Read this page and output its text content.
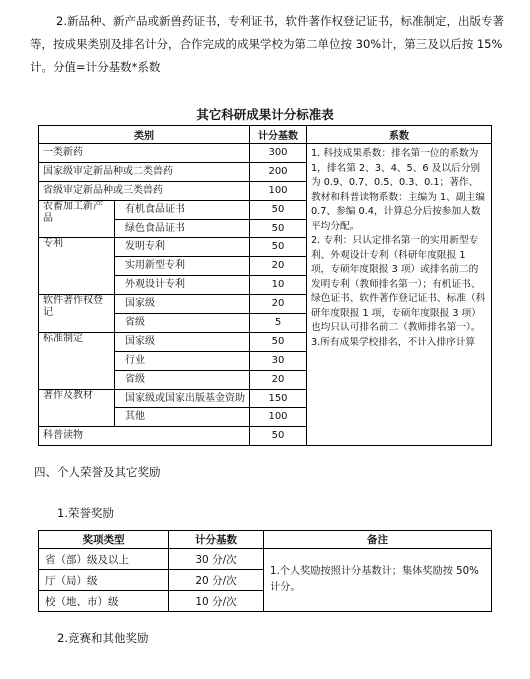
2.新品种、新产品或新兽药证书，专利证书，软件著作权登记证书，标准制定，出版专著
等，按成果类别及排名计分，合作完成的成果学校为第二单位按 30%计，第三及以后按 15%
计。分值=计分基数*系数
其它科研成果计分标准表
类别		计分基数	系数
一类新药		300	1. 科技成果系数：排名第一位的系数为 1，排名第 2、3、4、5、6 及以后分别为 0.9、0.7、0.5、0.3、0.1；著作、教材和科普读物系数：主编为 1、副主编 0.7、参编 0.4，计算总分后按参加人数平均分配。

2. 专利：只认定排名第一的实用新型专利、外观设计专利（科研年度限报 1 项，专硕年度限报 3 项）或排名前二的发明专利（教师排名第一）；有机证书、绿色证书、软件著作登记证书、标准（科研年度限报 1 项，专硕年度限报 3 项）也均只认可排名前二（教师排名第一）。

3.所有成果学校排名，不计入排序计算

国家级审定新品种或二类兽药		200	
省级审定新品种或三类兽药		100	
农畜加工新产品	有机食品证书	50	
	绿色食品证书	50	
专利	发明专利	50	
	实用新型专利	20	
	外观设计专利	10	
软件著作权登记	国家级	20	
	省级	5	
标准制定	国家级	50	
	行业	30	
	省级	20	
著作及教材	国家级或国家出版基金资助	150	
	其他	100	
科普读物		50	
四、个人荣誉及其它奖励
1.荣誉奖励
奖项类型	计分基数	备注
省（部）级及以上	30 分/次	1.个人奖励按照计分基数计；集体奖励按 50%计分。
厅（局）级	20 分/次	
校（地、市）级	10 分/次	
2.竞赛和其他奖励
